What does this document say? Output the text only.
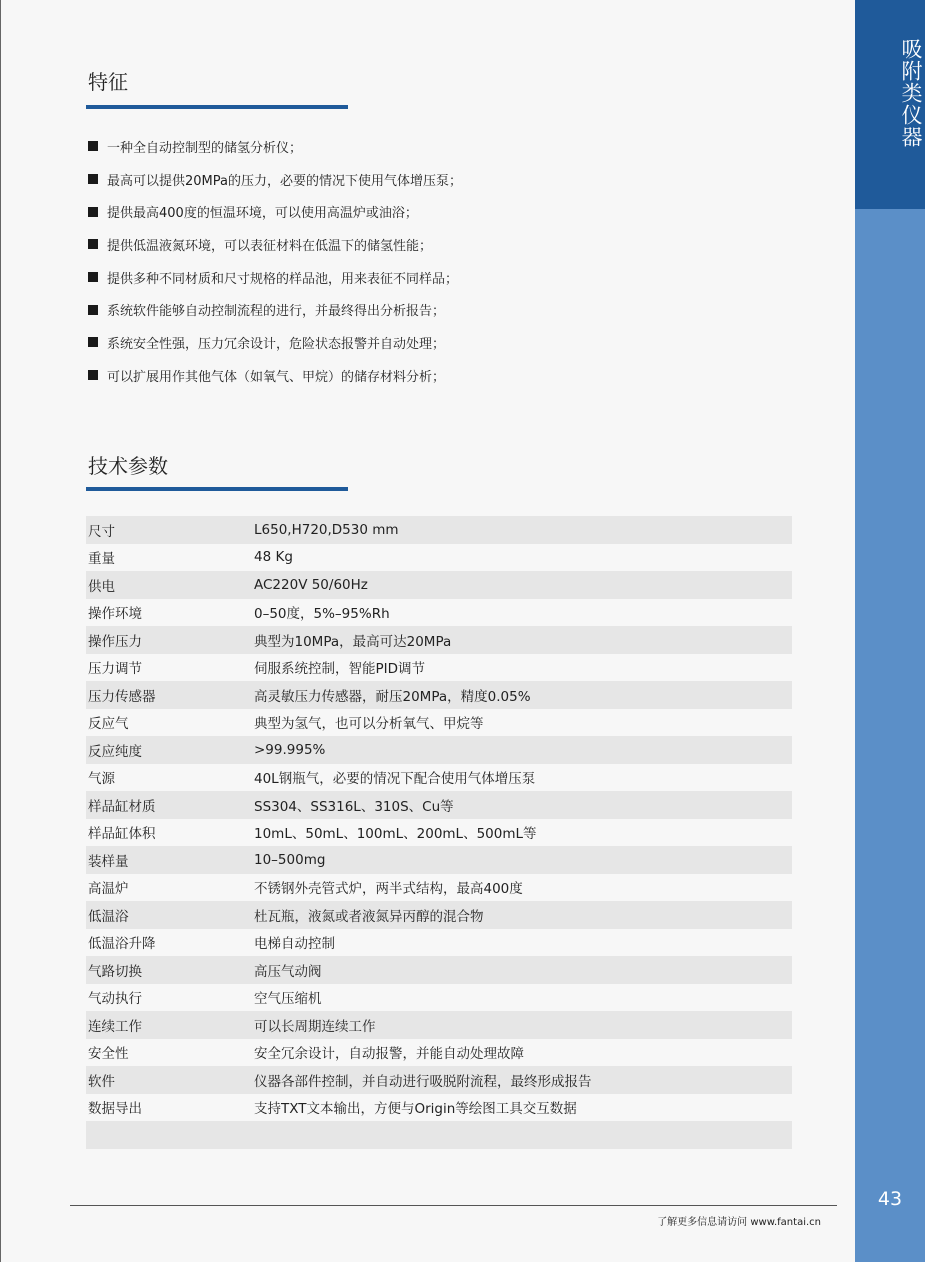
吸附类仪器
43
特征
一种全自动控制型的储氢分析仪；
最高可以提供20MPa的压力，必要的情况下使用气体增压泵；
提供最高400度的恒温环境，可以使用高温炉或油浴；
提供低温液氮环境，可以表征材料在低温下的储氢性能；
提供多种不同材质和尺寸规格的样品池，用来表征不同样品；
系统软件能够自动控制流程的进行，并最终得出分析报告；
系统安全性强，压力冗余设计，危险状态报警并自动处理；
可以扩展用作其他气体（如氧气、甲烷）的储存材料分析；
技术参数
尺寸	L650,H720,D530 mm
重量	48 Kg
供电	AC220V 50/60Hz
操作环境	0–50度，5%–95%Rh
操作压力	典型为10MPa，最高可达20MPa
压力调节	伺服系统控制，智能PID调节
压力传感器	高灵敏压力传感器，耐压20MPa，精度0.05%
反应气	典型为氢气，也可以分析氧气、甲烷等
反应纯度	>99.995%
气源	40L钢瓶气，必要的情况下配合使用气体增压泵
样品缸材质	SS304、SS316L、310S、Cu等
样品缸体积	10mL、50mL、100mL、200mL、500mL等
装样量	10–500mg
高温炉	不锈钢外壳管式炉，两半式结构，最高400度
低温浴	杜瓦瓶，液氮或者液氮异丙醇的混合物
低温浴升降	电梯自动控制
气路切换	高压气动阀
气动执行	空气压缩机
连续工作	可以长周期连续工作
安全性	安全冗余设计，自动报警，并能自动处理故障
软件	仪器各部件控制，并自动进行吸脱附流程，最终形成报告
数据导出	支持TXT文本输出，方便与Origin等绘图工具交互数据

了解更多信息请访问 www.fantai.cn
